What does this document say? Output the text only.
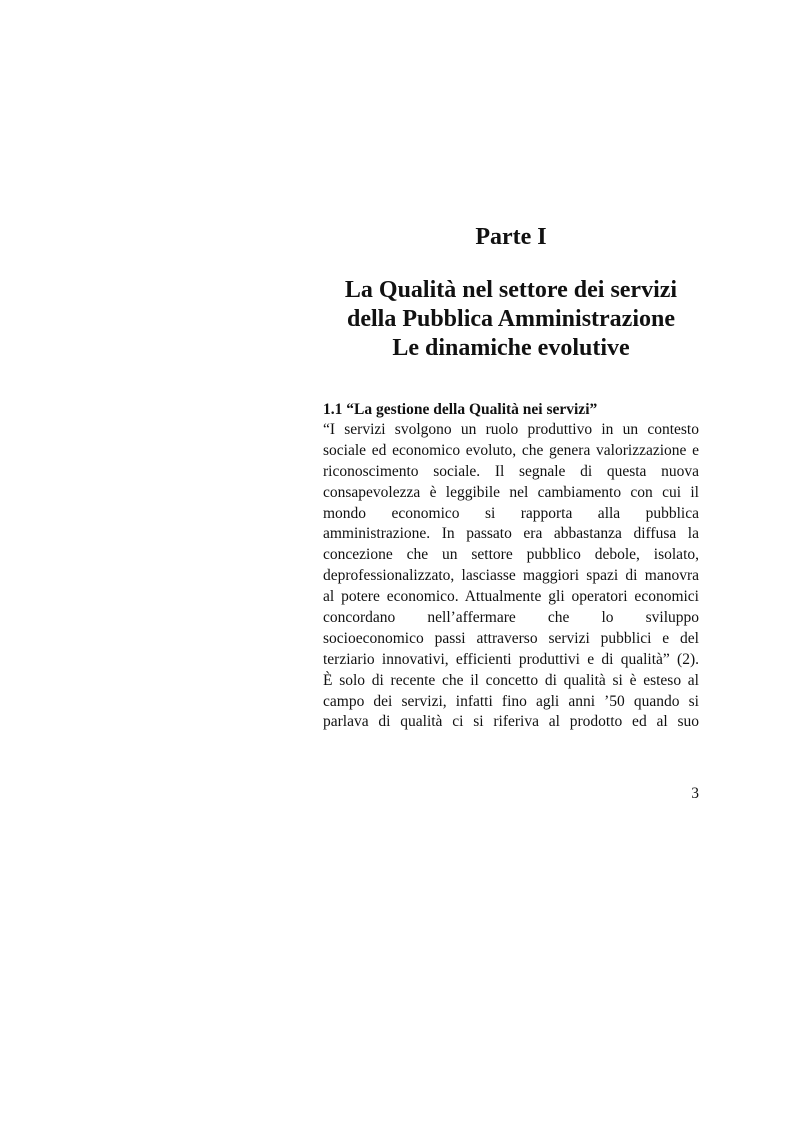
Parte I
La Qualità nel settore dei servizi
della Pubblica Amministrazione
Le dinamiche evolutive
1.1 “La gestione della Qualità nei servizi”
“I servizi svolgono un ruolo produttivo in un contesto
sociale ed economico evoluto, che genera valorizzazione e
riconoscimento sociale. Il segnale di questa nuova
consapevolezza è leggibile nel cambiamento con cui il
mondo economico si rapporta alla pubblica
amministrazione. In passato era abbastanza diffusa la
concezione che un settore pubblico debole, isolato,
deprofessionalizzato, lasciasse maggiori spazi di manovra
al potere economico. Attualmente gli operatori economici
concordano nell’affermare che lo sviluppo
socioeconomico passi attraverso servizi pubblici e del
terziario innovativi, efficienti produttivi e di qualità” (2).
È solo di recente che il concetto di qualità si è esteso al
campo dei servizi, infatti fino agli anni ’50 quando si
parlava di qualità ci si riferiva al prodotto ed al suo
3
